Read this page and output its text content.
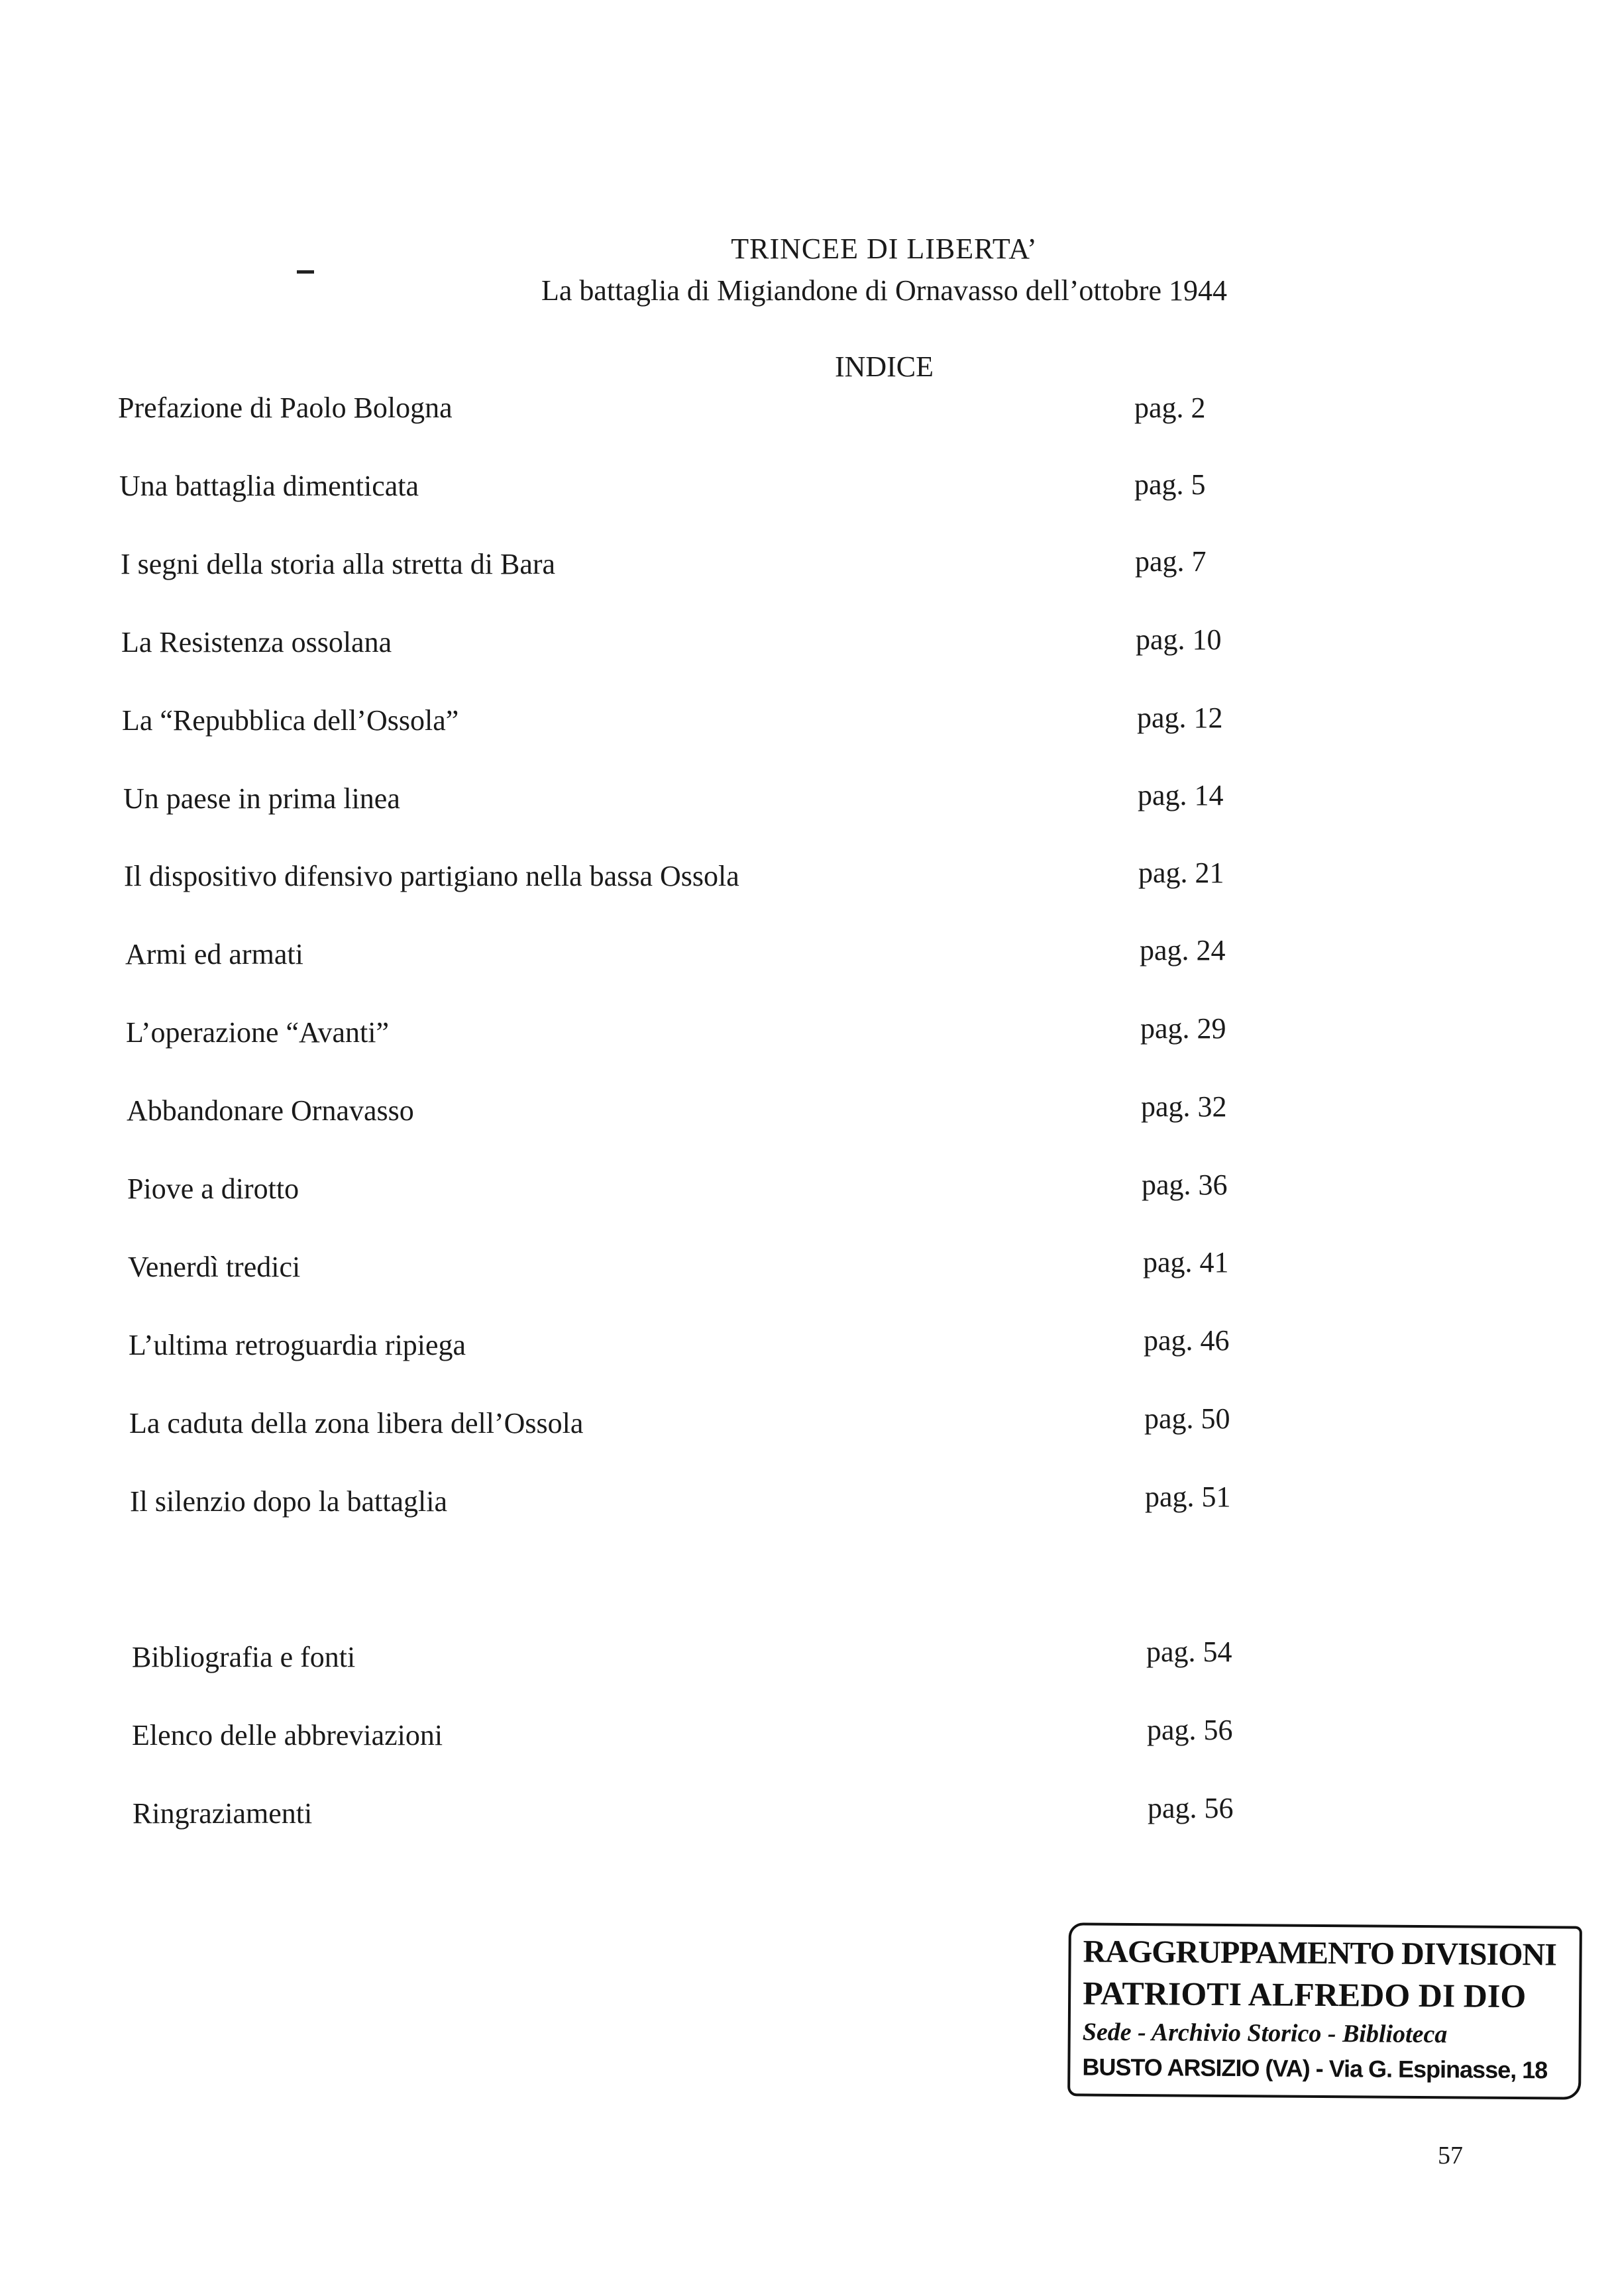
TRINCEE DI LIBERTA’
La battaglia di Migiandone di Ornavasso dell’ottobre 1944
INDICE
Prefazione di Paolo Bologna	pag. 2
Una battaglia dimenticata	pag. 5
I segni della storia alla stretta di Bara	pag. 7
La Resistenza ossolana	pag. 10
La “Repubblica dell’Ossola”	pag. 12
Un paese in prima linea	pag. 14
Il dispositivo difensivo partigiano nella bassa Ossola	pag. 21
Armi ed armati	pag. 24
L’operazione “Avanti”	pag. 29
Abbandonare Ornavasso	pag. 32
Piove a dirotto	pag. 36
Venerdì tredici	pag. 41
L’ultima retroguardia ripiega	pag. 46
La caduta della zona libera dell’Ossola	pag. 50
Il silenzio dopo la battaglia	pag. 51
Bibliografia e fonti	pag. 54
Elenco delle abbreviazioni	pag. 56
Ringraziamenti	pag. 56
RAGGRUPPAMENTO DIVISIONI
PATRIOTI ALFREDO DI DIO
Sede - Archivio Storico - Biblioteca
BUSTO ARSIZIO (VA) - Via G. Espinasse, 18
57
